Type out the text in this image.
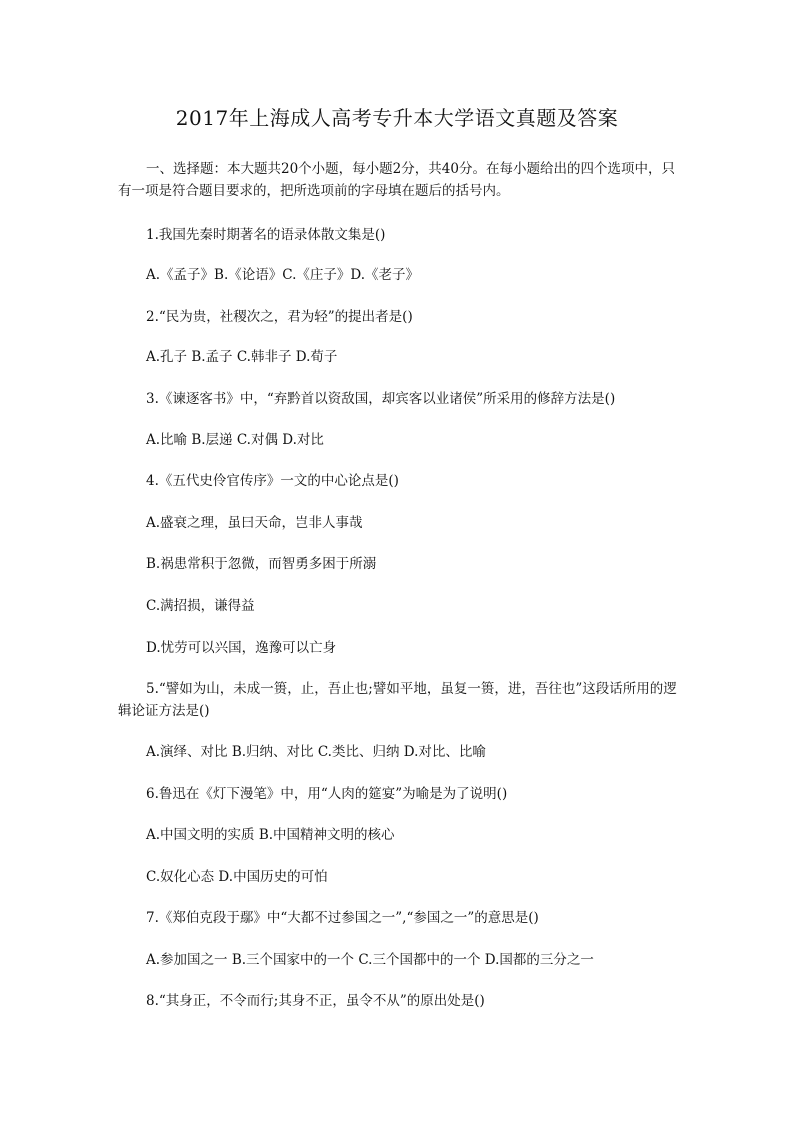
2017年上海成人高考专升本大学语文真题及答案

一、选择题：本大题共20个小题，每小题2分，共40分。在每小题给出的四个选项中，只有一项是符合题目要求的，把所选项前的字母填在题后的括号内。

1.我国先秦时期著名的语录体散文集是()

A.《孟子》B.《论语》C.《庄子》D.《老子》

2.“民为贵，社稷次之，君为轻”的提出者是()

A.孔子 B.孟子 C.韩非子 D.荀子

3.《谏逐客书》中，“弃黔首以资敌国，却宾客以业诸侯”所采用的修辞方法是()

A.比喻 B.层递 C.对偶 D.对比

4.《五代史伶官传序》一文的中心论点是()

A.盛衰之理，虽曰天命，岂非人事哉

B.祸患常积于忽微，而智勇多困于所溺

C.满招损，谦得益

D.忧劳可以兴国，逸豫可以亡身

5.“譬如为山，未成一篑，止，吾止也;譬如平地，虽复一篑，进，吾往也”这段话所用的逻辑论证方法是()

A.演绎、对比 B.归纳、对比 C.类比、归纳 D.对比、比喻

6.鲁迅在《灯下漫笔》中，用“人肉的筵宴”为喻是为了说明()

A.中国文明的实质 B.中国精神文明的核心

C.奴化心态 D.中国历史的可怕

7.《郑伯克段于鄢》中“大都不过参国之一”,“参国之一”的意思是()

A.参加国之一 B.三个国家中的一个 C.三个国都中的一个 D.国都的三分之一

8.“其身正，不令而行;其身不正，虽令不从”的原出处是()
